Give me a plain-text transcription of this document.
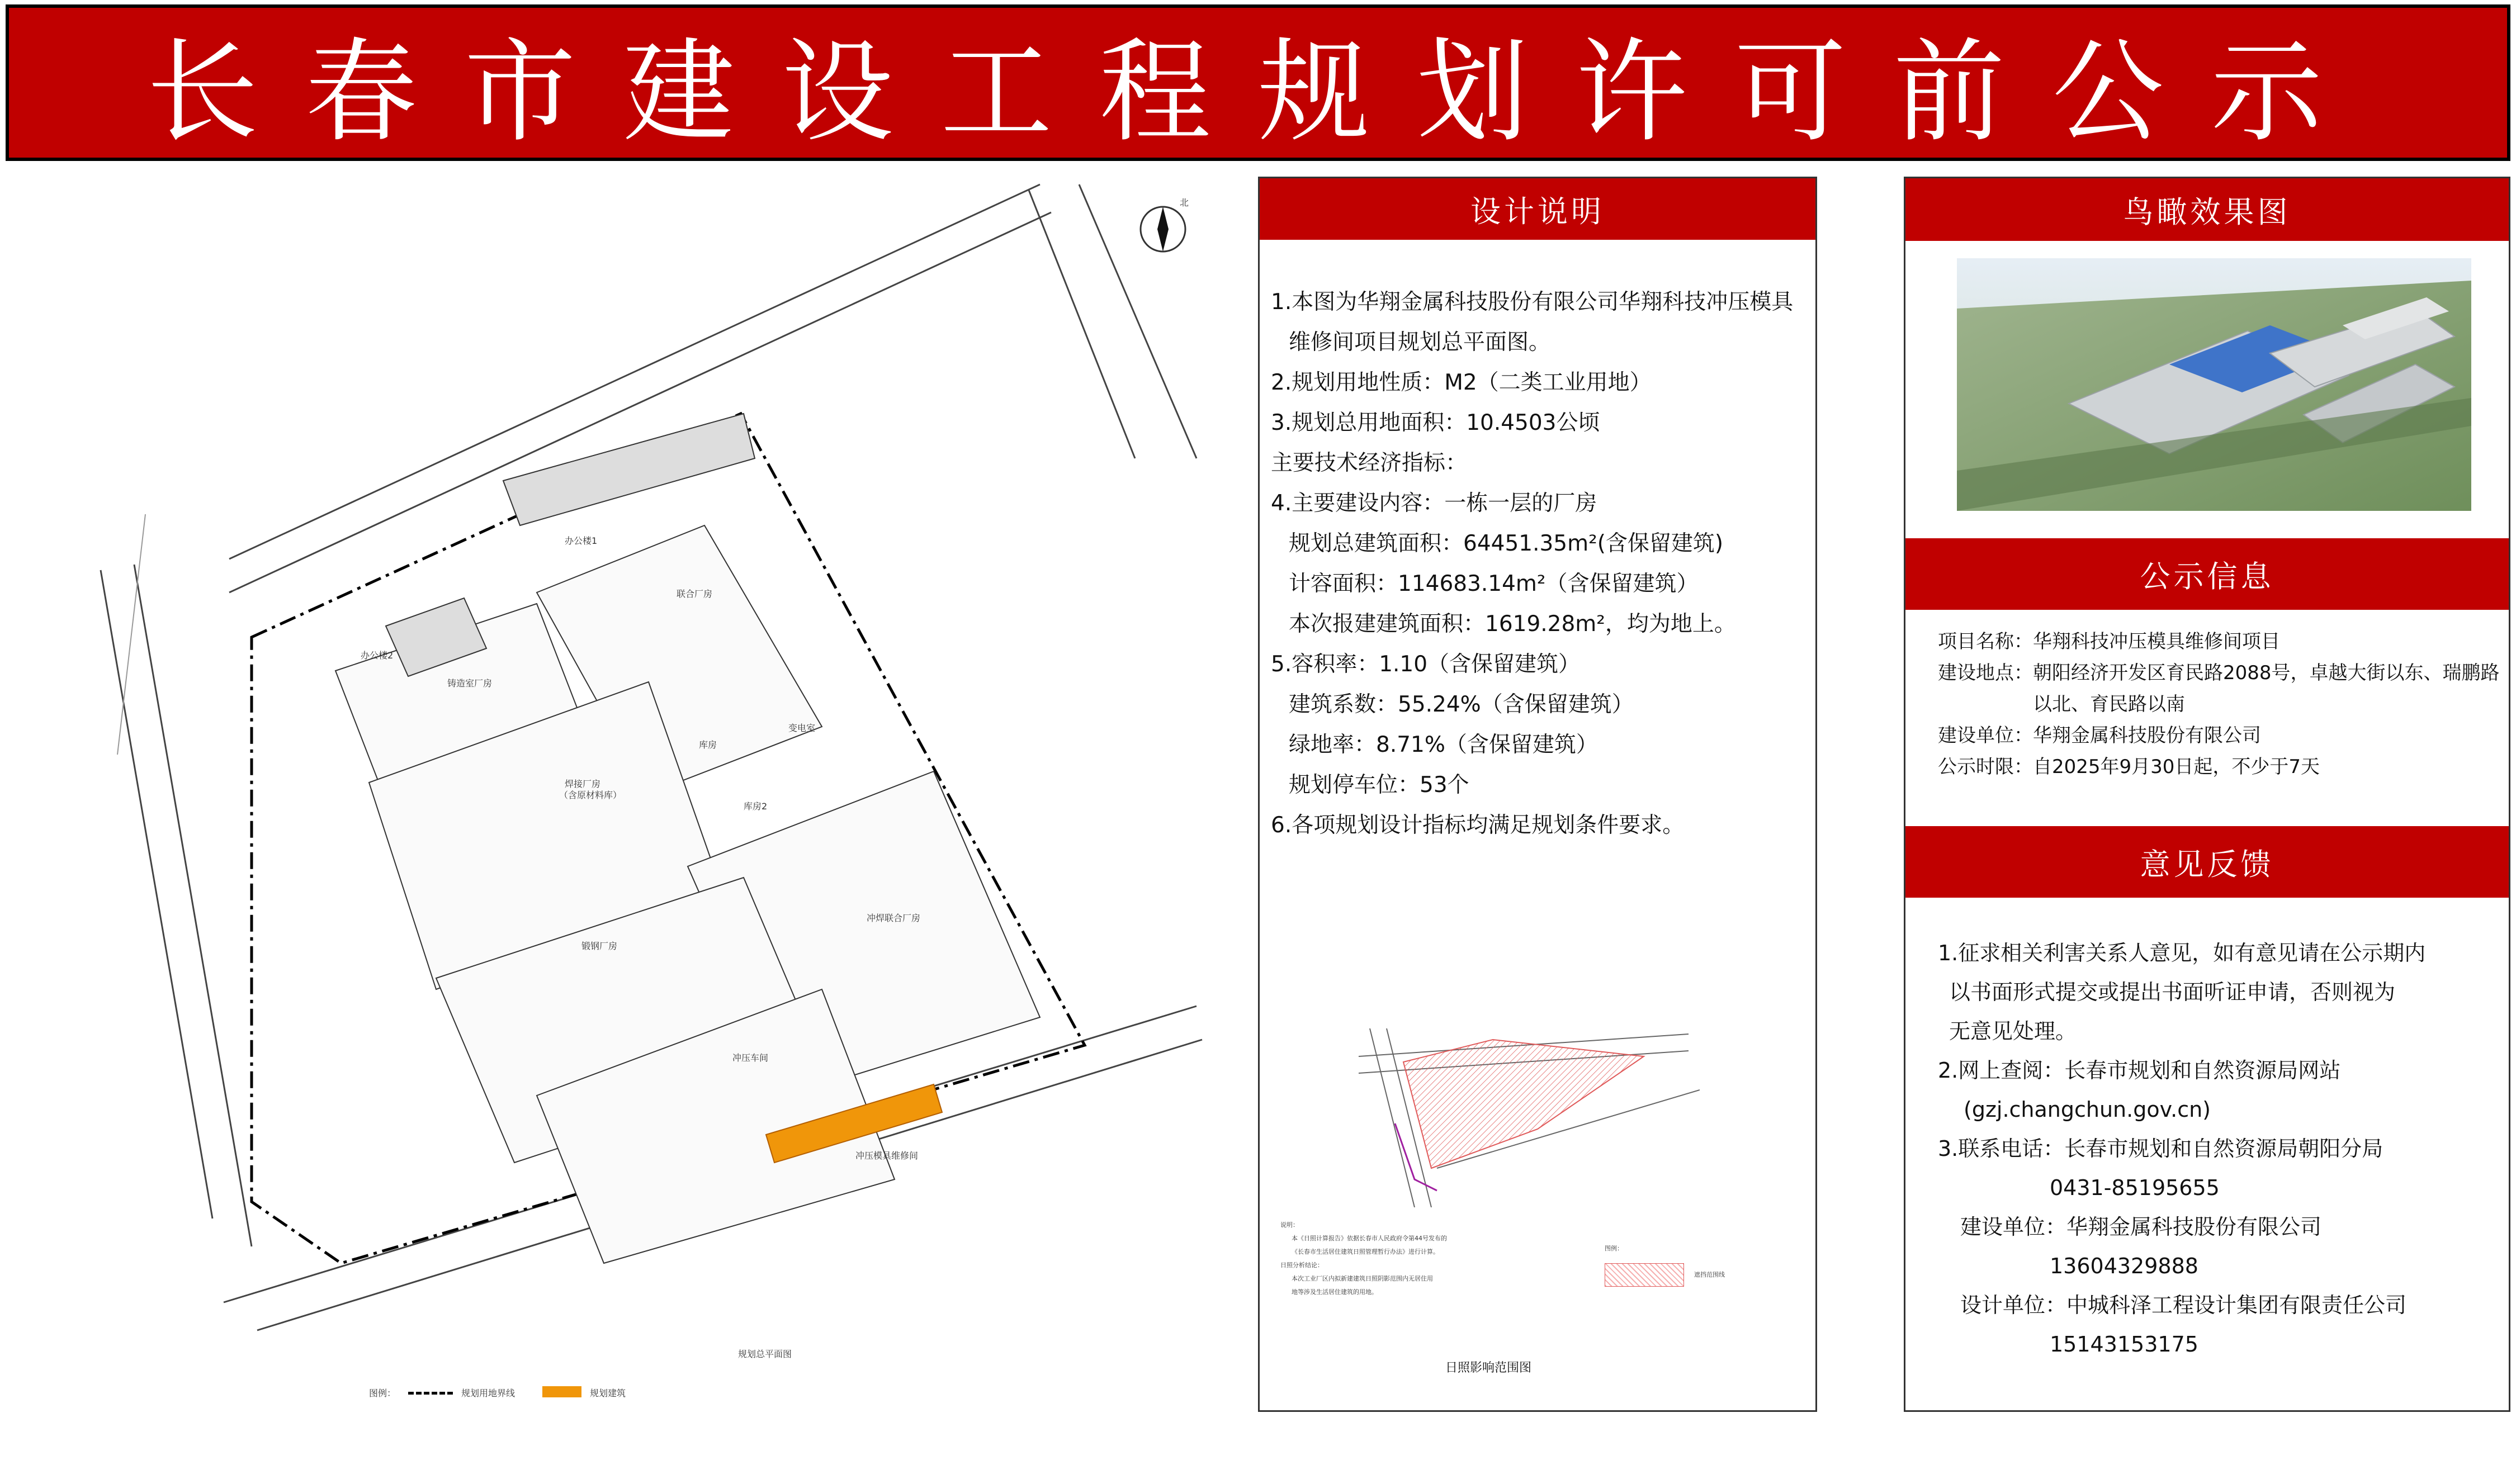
长春市建设工程规划许可前公示
北
办公楼1
办公楼2
联合厂房
铸造室厂房
焊接厂房
（含原材料库）
库房
库房2
变电室
冲焊联合厂房
锻钢厂房
冲压车间
冲压模具维修间
规划总平面图
图例：	规划用地界线	规划建筑
设计说明
1.本图为华翔金属科技股份有限公司华翔科技冲压模具
维修间项目规划总平面图。
2.规划用地性质：M2（二类工业用地）
3.规划总用地面积：10.4503公顷
主要技术经济指标：
4.主要建设内容：一栋一层的厂房
规划总建筑面积：64451.35m²(含保留建筑)
计容面积：114683.14m²（含保留建筑）
本次报建建筑面积：1619.28m²，均为地上。
5.容积率：1.10（含保留建筑）
建筑系数：55.24%（含保留建筑）
绿地率：8.71%（含保留建筑）
规划停车位：53个
6.各项规划设计指标均满足规划条件要求。
说明：
本《日照计算报告》依据长春市人民政府令第44号发布的
《长春市生活居住建筑日照管理暂行办法》进行计算。
日照分析结论：
本次工业厂区内拟新建建筑日照阴影范围内无居住用
地等涉及生活居住建筑的用地。
图例：
遮挡范围线
日照影响范围图
鸟瞰效果图
公示信息
项目名称： 华翔科技冲压模具维修间项目
建设地点： 朝阳经济开发区育民路2088号，卓越大街以东、瑞鹏路
以北、育民路以南
建设单位： 华翔金属科技股份有限公司
公示时限： 自2025年9月30日起，不少于7天
意见反馈
1.征求相关利害关系人意见，如有意见请在公示期内
以书面形式提交或提出书面听证申请，否则视为
无意见处理。
2.网上查阅：长春市规划和自然资源局网站
(gzj.changchun.gov.cn)
3.联系电话：长春市规划和自然资源局朝阳分局
0431-85195655
建设单位：华翔金属科技股份有限公司
13604329888
设计单位：中城科泽工程设计集团有限责任公司
15143153175
